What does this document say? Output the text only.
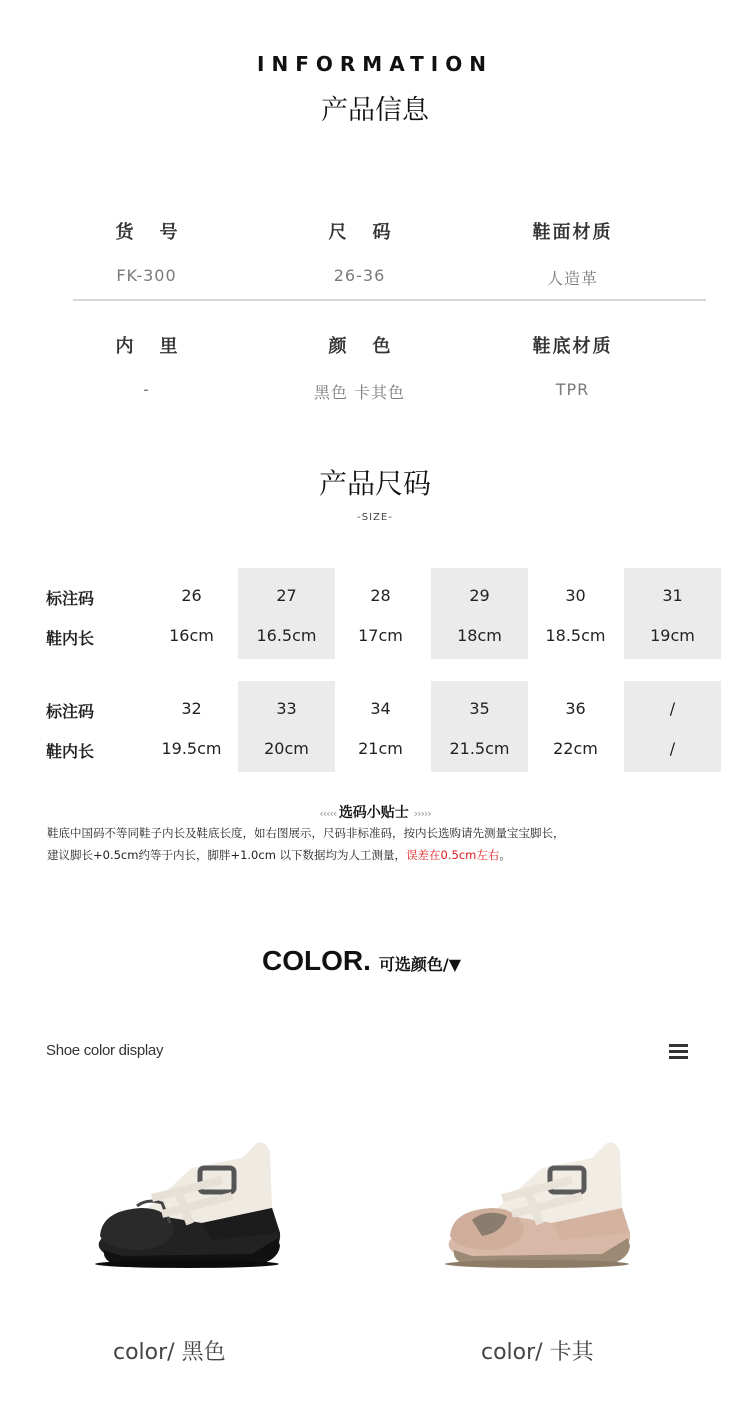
INFORMATION
产品信息
货号
FK-300
尺码
26-36
鞋面材质
人造革
内里
-
颜色
黑色 卡其色
鞋底材质
TPR
产品尺码
-SIZE-
标注码
鞋内长
26
16cm
27
16.5cm
28
17cm
29
18cm
30
18.5cm
31
19cm
标注码
鞋内长
32
19.5cm
33
20cm
34
21cm
35
21.5cm
36
22cm
/
/
‹‹‹‹‹ 选码小贴士 ›››››
鞋底中国码不等同鞋子内长及鞋底长度，如右图展示，尺码非标准码，按内长选购请先测量宝宝脚长，
建议脚长+0.5cm约等于内长，脚胖+1.0cm 以下数据均为人工测量，误差在0.5cm左右。
COLOR. 可选颜色/▼
Shoe color display
color/ 黑色	color/ 卡其
